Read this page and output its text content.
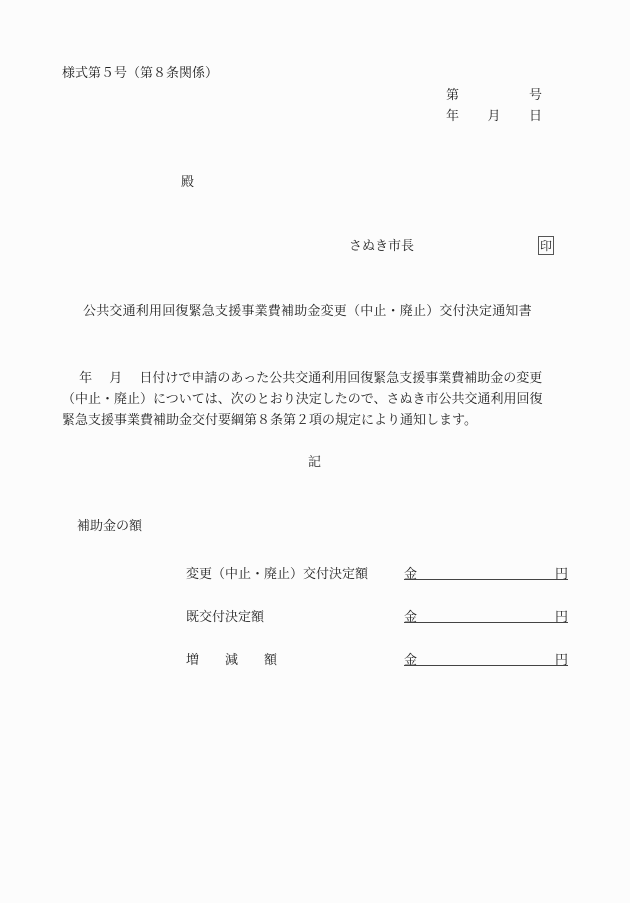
様式第５号（第８条関係）
第	号
年 月 日
殿
さぬき市長	印
公共交通利用回復緊急支援事業費補助金変更（中止・廃止）交付決定通知書
　 年 　月 　日付けで申請のあった公共交通利用回復緊急支援事業費補助金の変更
（中止・廃止）については、次のとおり決定したので、さぬき市公共交通利用回復
緊急支援事業費補助金交付要綱第８条第２項の規定により通知します。
記
補助金の額
変更（中止・廃止）交付決定額	金	円
既交付決定額	金	円
増　　減　　額	金	円
